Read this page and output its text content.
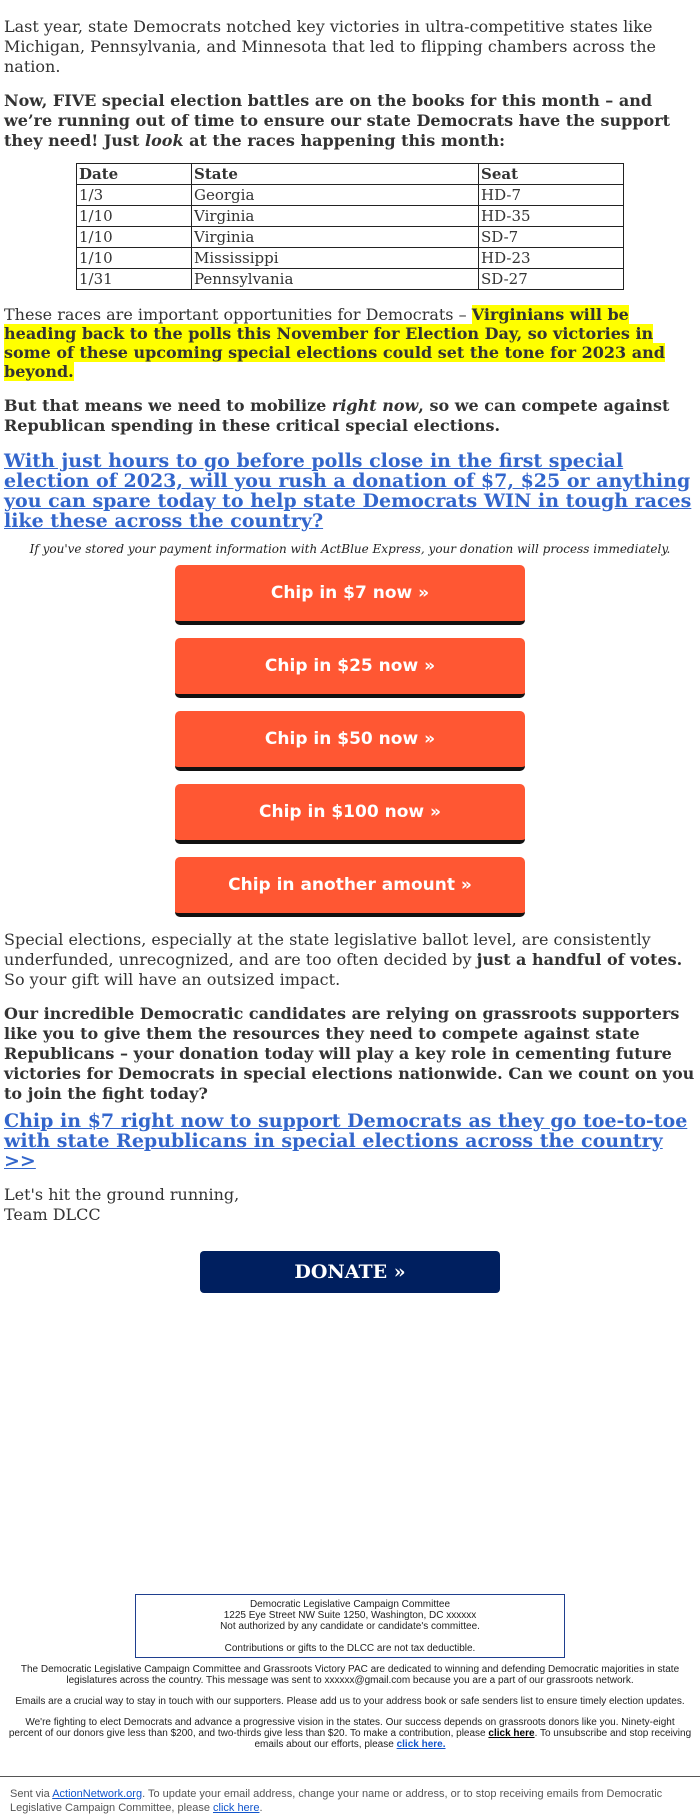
Last year, state Democrats notched key victories in ultra-competitive states like Michigan, Pennsylvania, and Minnesota that led to flipping chambers across the nation.

Now, FIVE special election battles are on the books for this month – and we’re running out of time to ensure our state Democrats have the support they need! Just look at the races happening this month:

Date	State	Seat
1/3	Georgia	HD-7
1/10	Virginia	HD-35
1/10	Virginia	SD-7
1/10	Mississippi	HD-23
1/31	Pennsylvania	SD-27

These races are important opportunities for Democrats – Virginians will be heading back to the polls this November for Election Day, so victories in some of these upcoming special elections could set the tone for 2023 and beyond.

But that means we need to mobilize right now, so we can compete against Republican spending in these critical special elections.

With just hours to go before polls close in the first special election of 2023, will you rush a donation of $7, $25 or anything you can spare today to help state Democrats WIN in tough races like these across the country?

If you've stored your payment information with ActBlue Express, your donation will process immediately.

Chip in $7 now »
Chip in $25 now »
Chip in $50 now »
Chip in $100 now »
Chip in another amount »

Special elections, especially at the state legislative ballot level, are consistently underfunded, unrecognized, and are too often decided by just a handful of votes. So your gift will have an outsized impact.

Our incredible Democratic candidates are relying on grassroots supporters like you to give them the resources they need to compete against state Republicans – your donation today will play a key role in cementing future victories for Democrats in special elections nationwide. Can we count on you to join the fight today?

Chip in $7 right now to support Democrats as they go toe-to-toe with state Republicans in special elections across the country >>

Let's hit the ground running,
Team DLCC

DONATE »
Democratic Legislative Campaign Committee
1225 Eye Street NW Suite 1250, Washington, DC xxxxxx
Not authorized by any candidate or candidate's committee.
Contributions or gifts to the DLCC are not tax deductible.

The Democratic Legislative Campaign Committee and Grassroots Victory PAC are dedicated to winning and defending Democratic majorities in state legislatures across the country. This message was sent to xxxxxx@gmail.com because you are a part of our grassroots network.

Emails are a crucial way to stay in touch with our supporters. Please add us to your address book or safe senders list to ensure timely election updates.

We're fighting to elect Democrats and advance a progressive vision in the states. Our success depends on grassroots donors like you. Ninety-eight percent of our donors give less than $200, and two-thirds give less than $20. To make a contribution, please click here. To unsubscribe and stop receiving emails about our efforts, please click here.

Sent via ActionNetwork.org. To update your email address, change your name or address, or to stop receiving emails from Democratic Legislative Campaign Committee, please click here.
